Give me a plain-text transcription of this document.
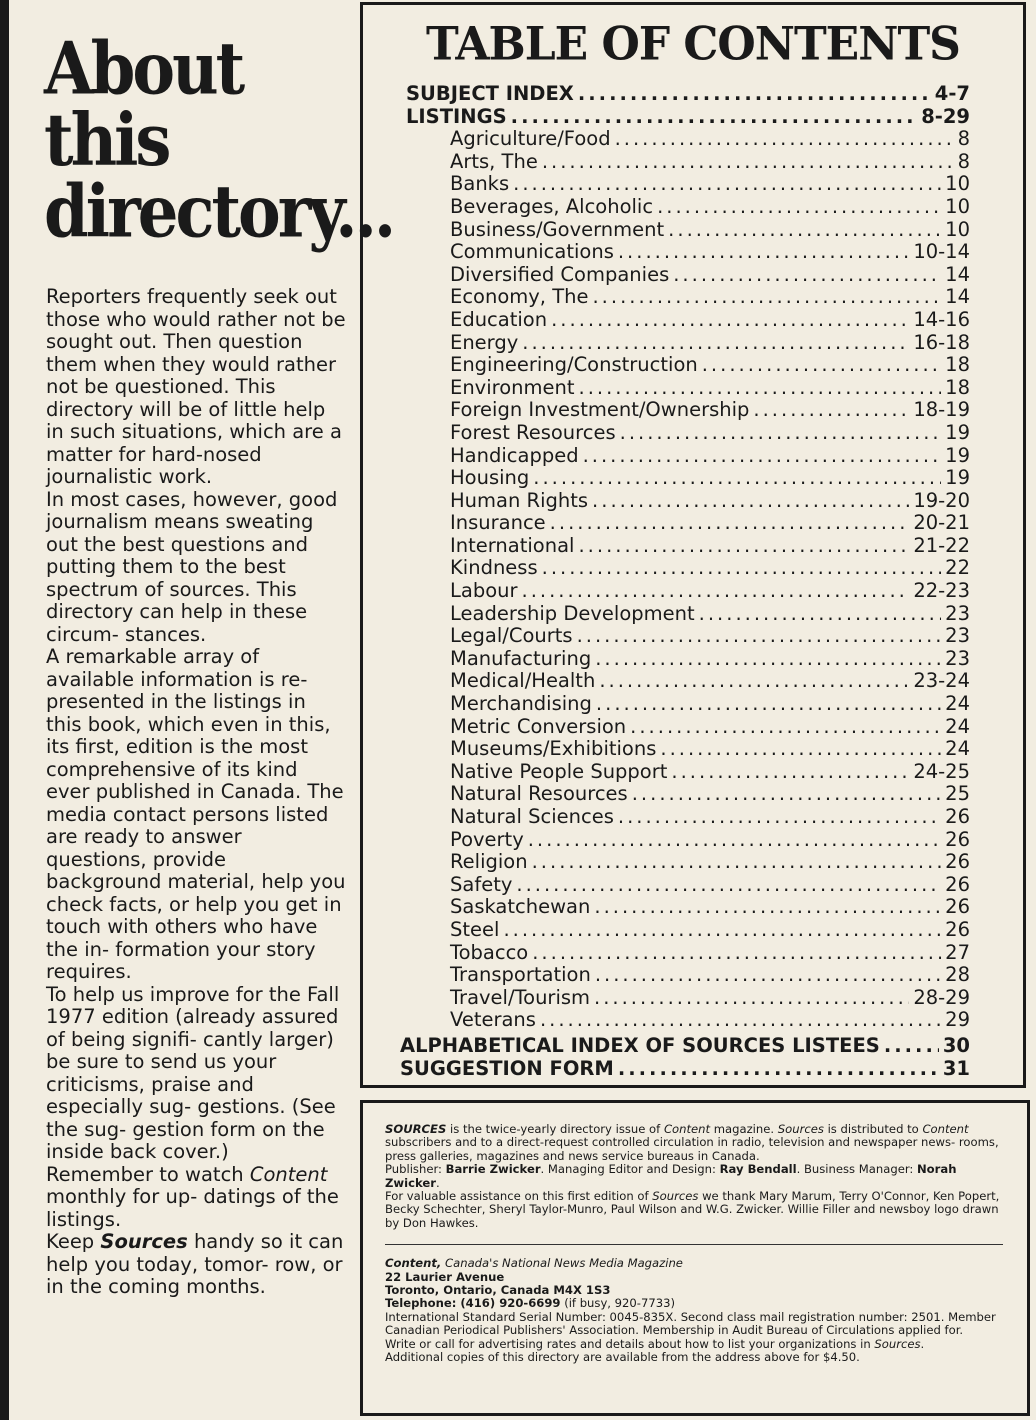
About
this
directory...

Reporters frequently seek out those who would rather not be sought out. Then question them when they would rather not be questioned. This directory will be of little help in such situations, which are a matter for hard-nosed journalistic work.

In most cases, however, good journalism means sweating out the best questions and putting them to the best spectrum of sources. This directory can help in these circum- stances.

A remarkable array of available information is re- presented in the listings in this book, which even in this, its first, edition is the most comprehensive of its kind ever published in Canada. The media contact persons listed are ready to answer questions, provide background material, help you check facts, or help you get in touch with others who have the in- formation your story requires.

To help us improve for the Fall 1977 edition (already assured of being signifi- cantly larger) be sure to send us your criticisms, praise and especially sug- gestions. (See the sug- gestion form on the inside back cover.)

Remember to watch Content monthly for up- datings of the listings.

Keep Sources handy so it can help you today, tomor- row, or in the coming months.

TABLE OF CONTENTS
SUBJECT INDEX .....	4-7
LISTINGS .....	8-29
Agriculture/Food .....	8
Arts, The .....	8
Banks .....	10
Beverages, Alcoholic .....	10
Business/Government .....	10
Communications .....	10-14
Diversified Companies .....	14
Economy, The .....	14
Education .....	14-16
Energy .....	16-18
Engineering/Construction .....	18
Environment .....	18
Foreign Investment/Ownership .....	18-19
Forest Resources .....	19
Handicapped .....	19
Housing .....	19
Human Rights .....	19-20
Insurance .....	20-21
International .....	21-22
Kindness .....	22
Labour .....	22-23
Leadership Development .....	23
Legal/Courts .....	23
Manufacturing .....	23
Medical/Health .....	23-24
Merchandising .....	24
Metric Conversion .....	24
Museums/Exhibitions .....	24
Native People Support .....	24-25
Natural Resources .....	25
Natural Sciences .....	26
Poverty .....	26
Religion .....	26
Safety .....	26
Saskatchewan .....	26
Steel .....	26
Tobacco .....	27
Transportation .....	28
Travel/Tourism .....	28-29
Veterans .....	29
ALPHABETICAL INDEX OF SOURCES LISTEES .....	30
SUGGESTION FORM .....	31

SOURCES is the twice-yearly directory issue of Content magazine. Sources is distributed to Content subscribers and to a direct-request controlled circulation in radio, television and newspaper news- rooms, press galleries, magazines and news service bureaus in Canada.

Publisher: Barrie Zwicker. Managing Editor and Design: Ray Bendall. Business Manager: Norah Zwicker.

For valuable assistance on this first edition of Sources we thank Mary Marum, Terry O'Connor, Ken Popert, Becky Schechter, Sheryl Taylor-Munro, Paul Wilson and W.G. Zwicker. Willie Filler and newsboy logo drawn by Don Hawkes.

Content, Canada's National News Media Magazine

22 Laurier Avenue

Toronto, Ontario, Canada M4X 1S3

Telephone: (416) 920-6699 (if busy, 920-7733)

International Standard Serial Number: 0045-835X. Second class mail registration number: 2501. Member Canadian Periodical Publishers' Association. Membership in Audit Bureau of Circulations applied for.

Write or call for advertising rates and details about how to list your organizations in Sources.

Additional copies of this directory are available from the address above for $4.50.
